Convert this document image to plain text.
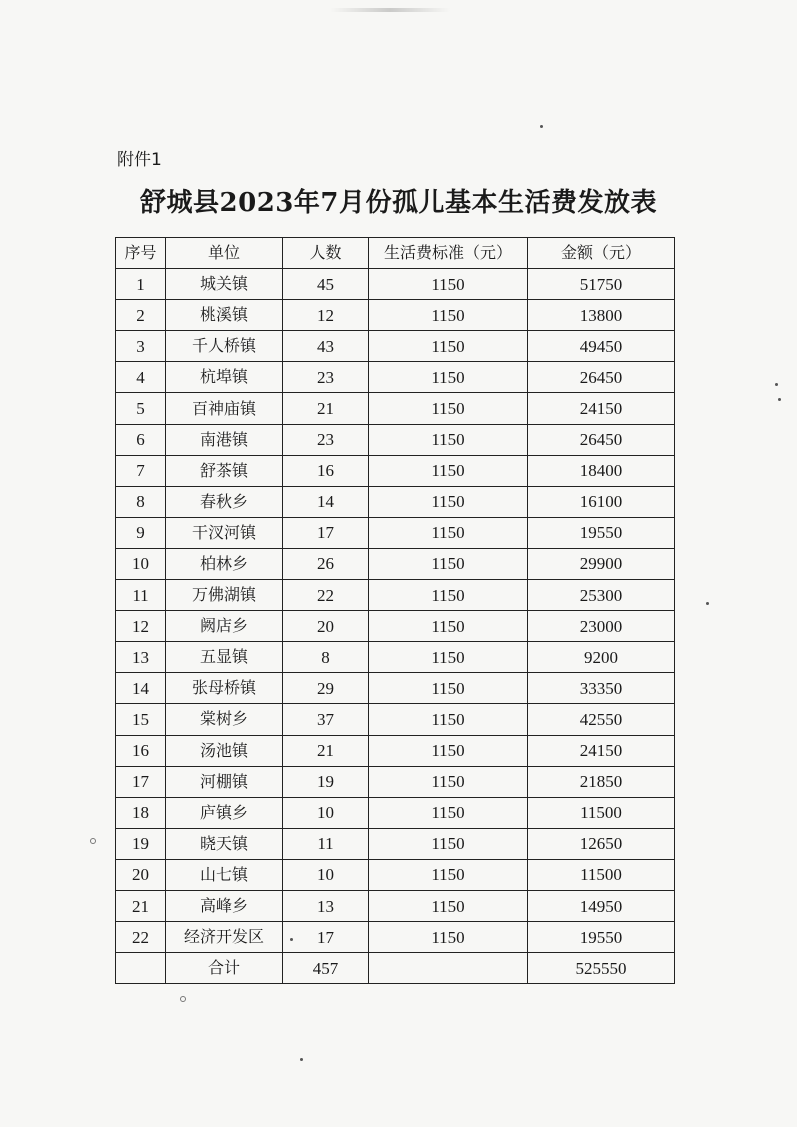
附件1
舒城县2023年7月份孤儿基本生活费发放表
序号	单位	人数	生活费标准（元）	金额（元）
1	城关镇	45	1150	51750
2	桃溪镇	12	1150	13800
3	千人桥镇	43	1150	49450
4	杭埠镇	23	1150	26450
5	百神庙镇	21	1150	24150
6	南港镇	23	1150	26450
7	舒茶镇	16	1150	18400
8	春秋乡	14	1150	16100
9	干汊河镇	17	1150	19550
10	柏林乡	26	1150	29900
11	万佛湖镇	22	1150	25300
12	阙店乡	20	1150	23000
13	五显镇	8	1150	9200
14	张母桥镇	29	1150	33350
15	棠树乡	37	1150	42550
16	汤池镇	21	1150	24150
17	河棚镇	19	1150	21850
18	庐镇乡	10	1150	11500
19	晓天镇	11	1150	12650
20	山七镇	10	1150	11500
21	高峰乡	13	1150	14950
22	经济开发区	17	1150	19550
	合计	457		525550
